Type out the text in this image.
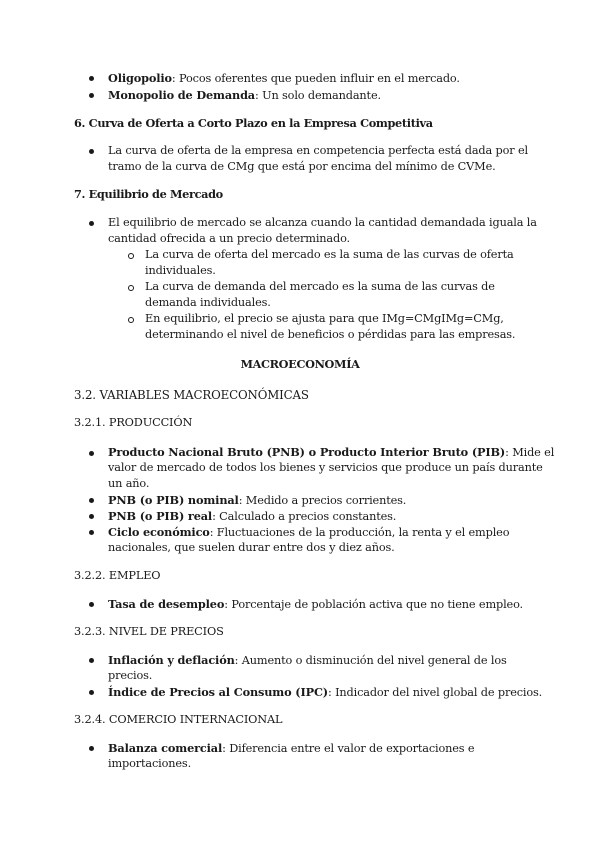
Oligopolio: Pocos oferentes que pueden influir en el mercado.
Monopolio de Demanda: Un solo demandante.
6. Curva de Oferta a Corto Plazo en la Empresa Competitiva
La curva de oferta de la empresa en competencia perfecta está dada por el
tramo de la curva de CMg que está por encima del mínimo de CVMe.
7. Equilibrio de Mercado
El equilibrio de mercado se alcanza cuando la cantidad demandada iguala la
cantidad ofrecida a un precio determinado.
La curva de oferta del mercado es la suma de las curvas de oferta
individuales.
La curva de demanda del mercado es la suma de las curvas de
demanda individuales.
En equilibrio, el precio se ajusta para que IMg=CMgIMg=CMg,
determinando el nivel de beneficios o pérdidas para las empresas.
MACROECONOMÍA
3.2. VARIABLES MACROECONÓMICAS
3.2.1. PRODUCCIÓN
Producto Nacional Bruto (PNB) o Producto Interior Bruto (PIB): Mide el
valor de mercado de todos los bienes y servicios que produce un país durante
un año.
PNB (o PIB) nominal: Medido a precios corrientes.
PNB (o PIB) real: Calculado a precios constantes.
Ciclo económico: Fluctuaciones de la producción, la renta y el empleo
nacionales, que suelen durar entre dos y diez años.
3.2.2. EMPLEO
Tasa de desempleo: Porcentaje de población activa que no tiene empleo.
3.2.3. NIVEL DE PRECIOS
Inflación y deflación: Aumento o disminución del nivel general de los
precios.
Índice de Precios al Consumo (IPC): Indicador del nivel global de precios.
3.2.4. COMERCIO INTERNACIONAL
Balanza comercial: Diferencia entre el valor de exportaciones e
importaciones.
